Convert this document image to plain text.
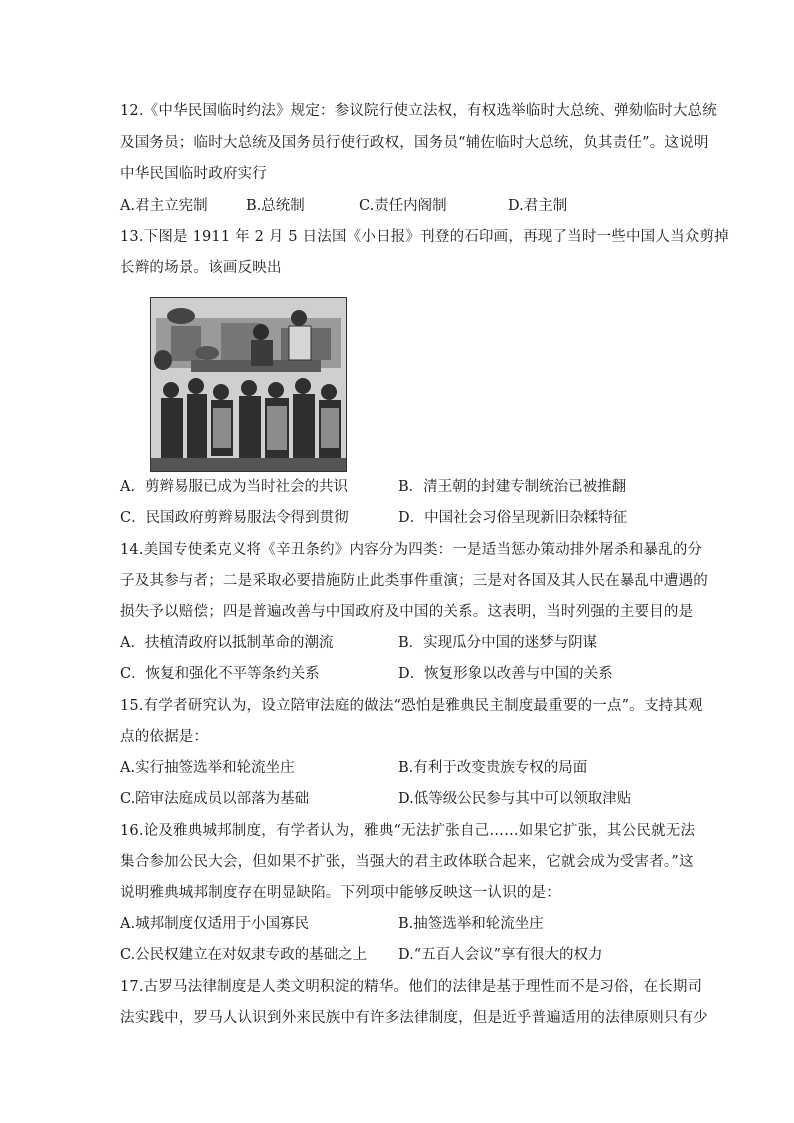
12.《中华民国临时约法》规定：参议院行使立法权，有权选举临时大总统、弹劾临时大总统
及国务员；临时大总统及国务员行使行政权，国务员“辅佐临时大总统，负其责任”。这说明
中华民国临时政府实行
A.君主立宪制	B.总统制	C.责任内阁制	D.君主制
13.下图是 1911 年 2 月 5 日法国《小日报》刊登的石印画，再现了当时一些中国人当众剪掉
长辫的场景。该画反映出
A．剪辫易服已成为当时社会的共识	B．清王朝的封建专制统治已被推翻
C．民国政府剪辫易服法令得到贯彻	D．中国社会习俗呈现新旧杂糅特征
14.美国专使柔克义将《辛丑条约》内容分为四类：一是适当惩办策动排外屠杀和暴乱的分
子及其参与者；二是采取必要措施防止此类事件重演；三是对各国及其人民在暴乱中遭遇的
损失予以赔偿；四是普遍改善与中国政府及中国的关系。这表明，当时列强的主要目的是
A．扶植清政府以抵制革命的潮流	B．实现瓜分中国的迷梦与阴谋
C．恢复和强化不平等条约关系	D．恢复形象以改善与中国的关系
15.有学者研究认为，设立陪审法庭的做法“恐怕是雅典民主制度最重要的一点”。支持其观
点的依据是：
A.实行抽签选举和轮流坐庄	B.有利于改变贵族专权的局面
C.陪审法庭成员以部落为基础	D.低等级公民参与其中可以领取津贴
16.论及雅典城邦制度，有学者认为，雅典“无法扩张自己……如果它扩张，其公民就无法
集合参加公民大会，但如果不扩张，当强大的君主政体联合起来，它就会成为受害者。”这
说明雅典城邦制度存在明显缺陷。下列项中能够反映这一认识的是：
A.城邦制度仅适用于小国寡民	B.抽签选举和轮流坐庄
C.公民权建立在对奴隶专政的基础之上 D.“五百人会议”享有很大的权力
17.古罗马法律制度是人类文明积淀的精华。他们的法律是基于理性而不是习俗，在长期司
法实践中，罗马人认识到外来民族中有许多法律制度，但是近乎普遍适用的法律原则只有少
